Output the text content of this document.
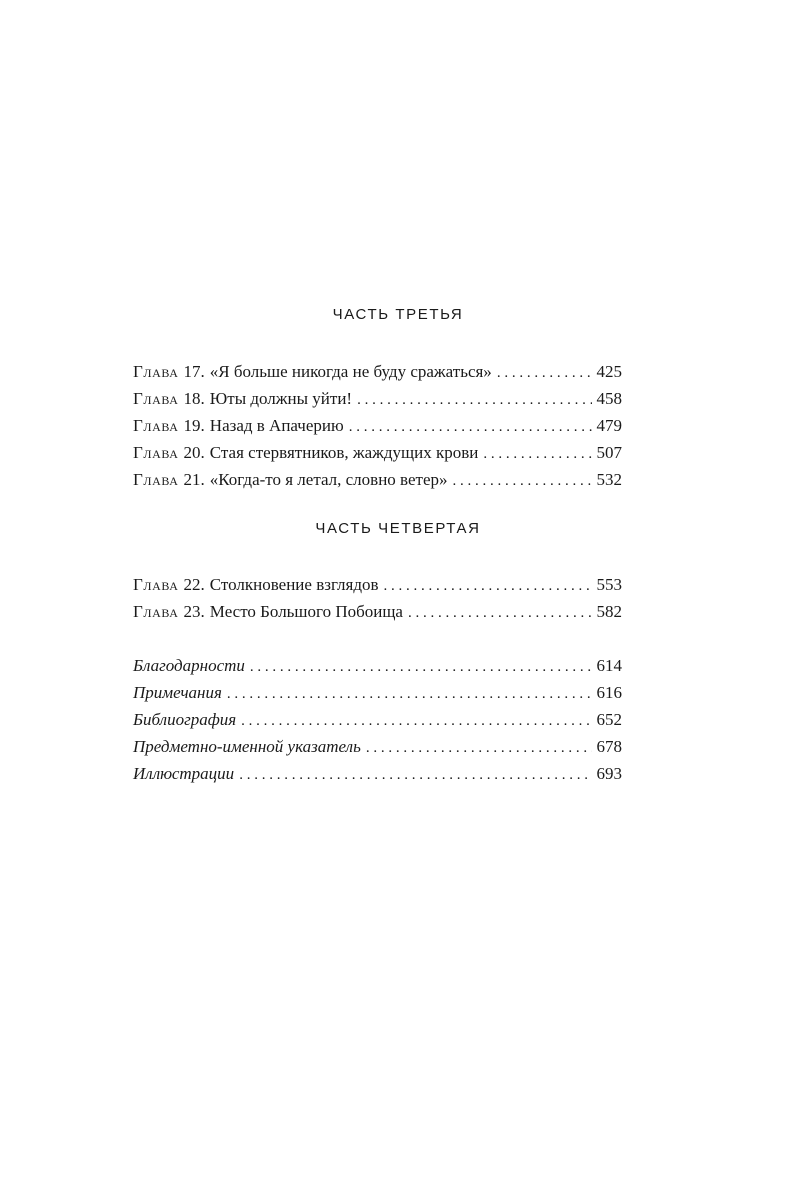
ЧАСТЬ ТРЕТЬЯ
Глава 17. «Я больше никогда не буду сражаться» . . .	425
Глава 18. Юты должны уйти! . . .	458
Глава 19. Назад в Апачерию . . .	479
Глава 20. Стая стервятников, жаждущих крови . . .	507
Глава 21. «Когда-то я летал, словно ветер» . . .	532
ЧАСТЬ ЧЕТВЕРТАЯ
Глава 22. Столкновение взглядов . . .	553
Глава 23. Место Большого Побоища . . .	582
Благодарности . . .	614
Примечания . . .	616
Библиография . . .	652
Предметно-именной указатель . . .	678
Иллюстрации . . .	693
